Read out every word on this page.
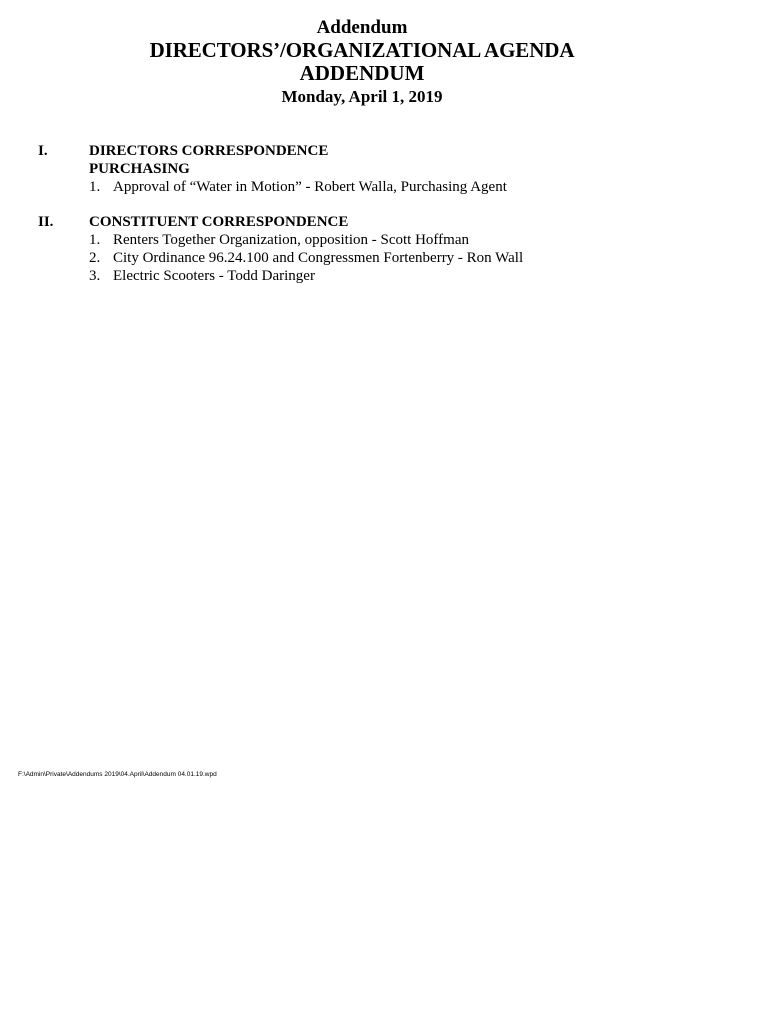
Addendum
DIRECTORS’/ORGANIZATIONAL AGENDA
ADDENDUM
Monday, April 1, 2019
I.	DIRECTORS CORRESPONDENCE
PURCHASING
1. Approval of “Water in Motion” - Robert Walla, Purchasing Agent
II. CONSTITUENT CORRESPONDENCE
1. Renters Together Organization, opposition - Scott Hoffman
2. City Ordinance 96.24.100 and Congressmen Fortenberry - Ron Wall
3. Electric Scooters - Todd Daringer
F:\Admin\Private\Addendums 2019\04.April\Addendum 04.01.19.wpd
